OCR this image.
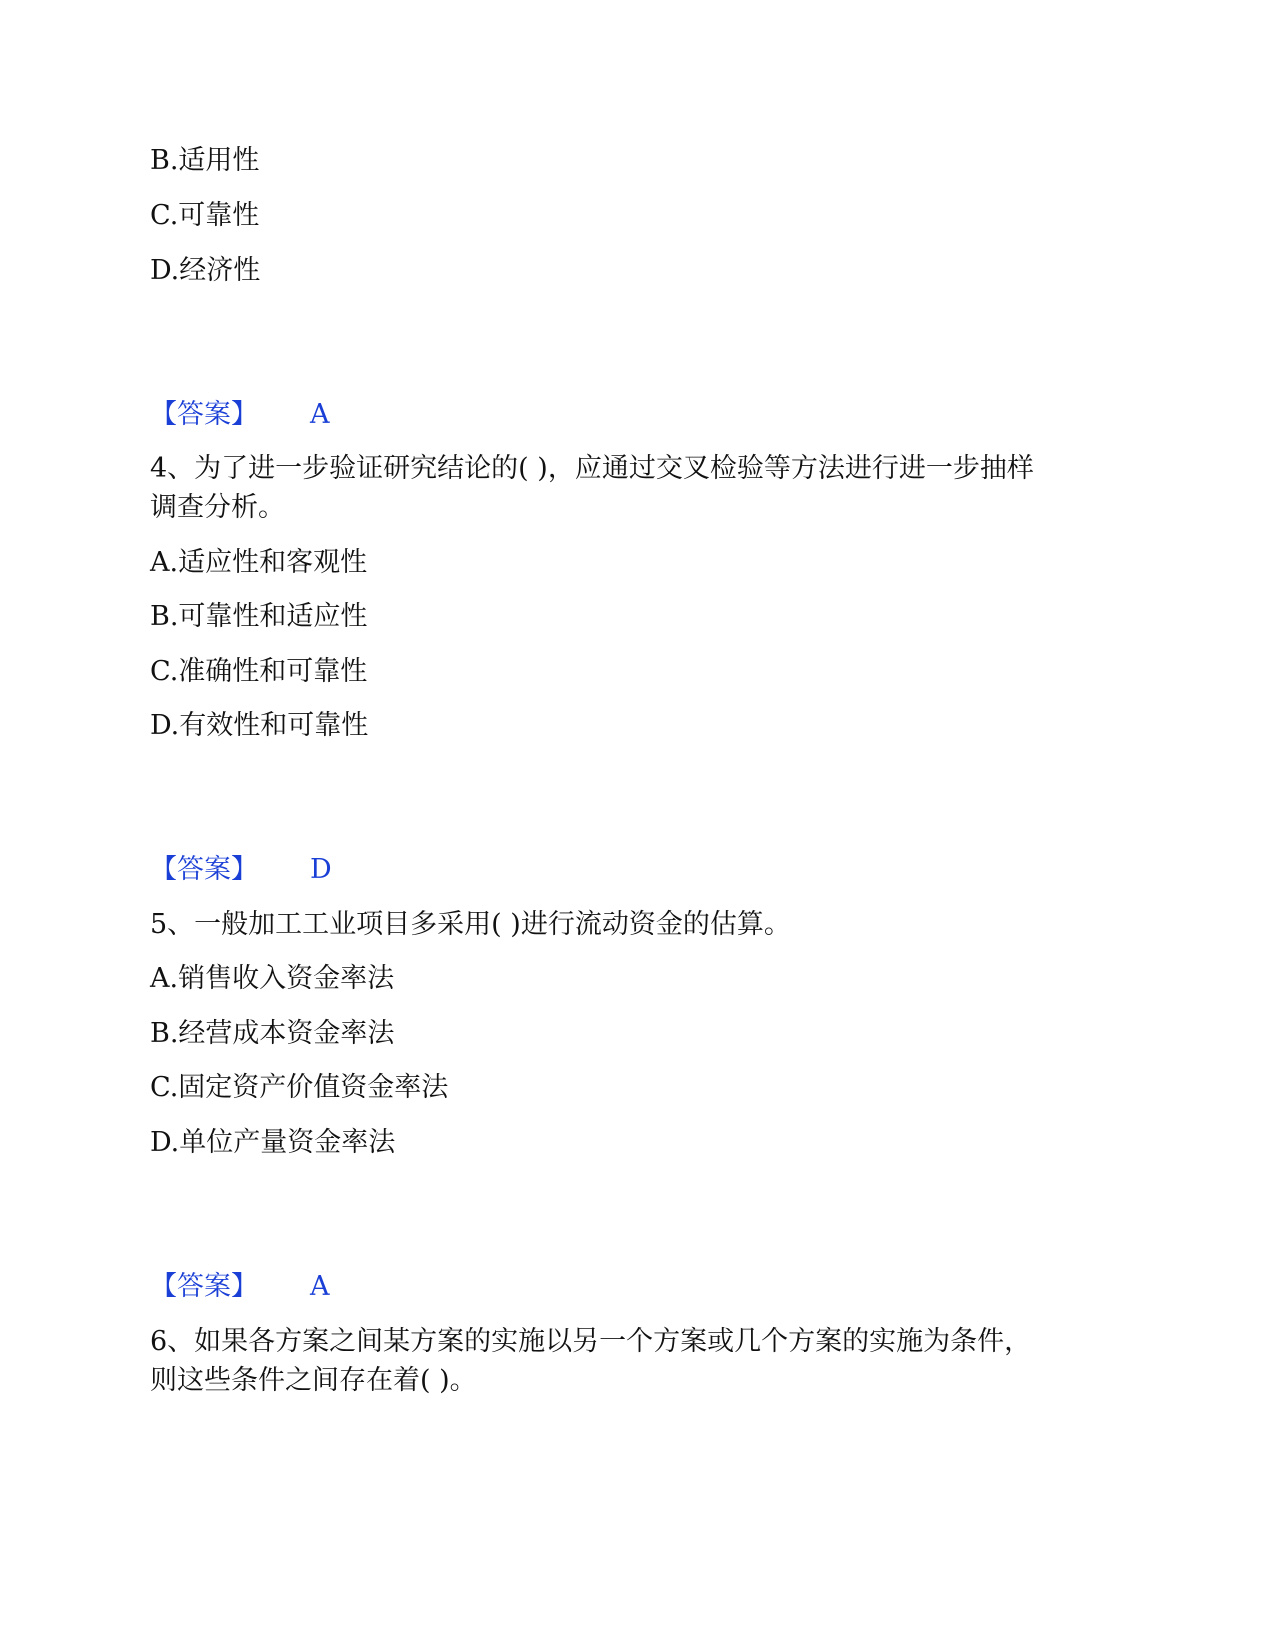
B.适用性
C.可靠性
D.经济性
【答案】 A
4、为了进一步验证研究结论的( )，应通过交叉检验等方法进行进一步抽样
调查分析。
A.适应性和客观性
B.可靠性和适应性
C.准确性和可靠性
D.有效性和可靠性
【答案】 D
5、一般加工工业项目多采用( )进行流动资金的估算。
A.销售收入资金率法
B.经营成本资金率法
C.固定资产价值资金率法
D.单位产量资金率法
【答案】 A
6、如果各方案之间某方案的实施以另一个方案或几个方案的实施为条件，
则这些条件之间存在着( )。
